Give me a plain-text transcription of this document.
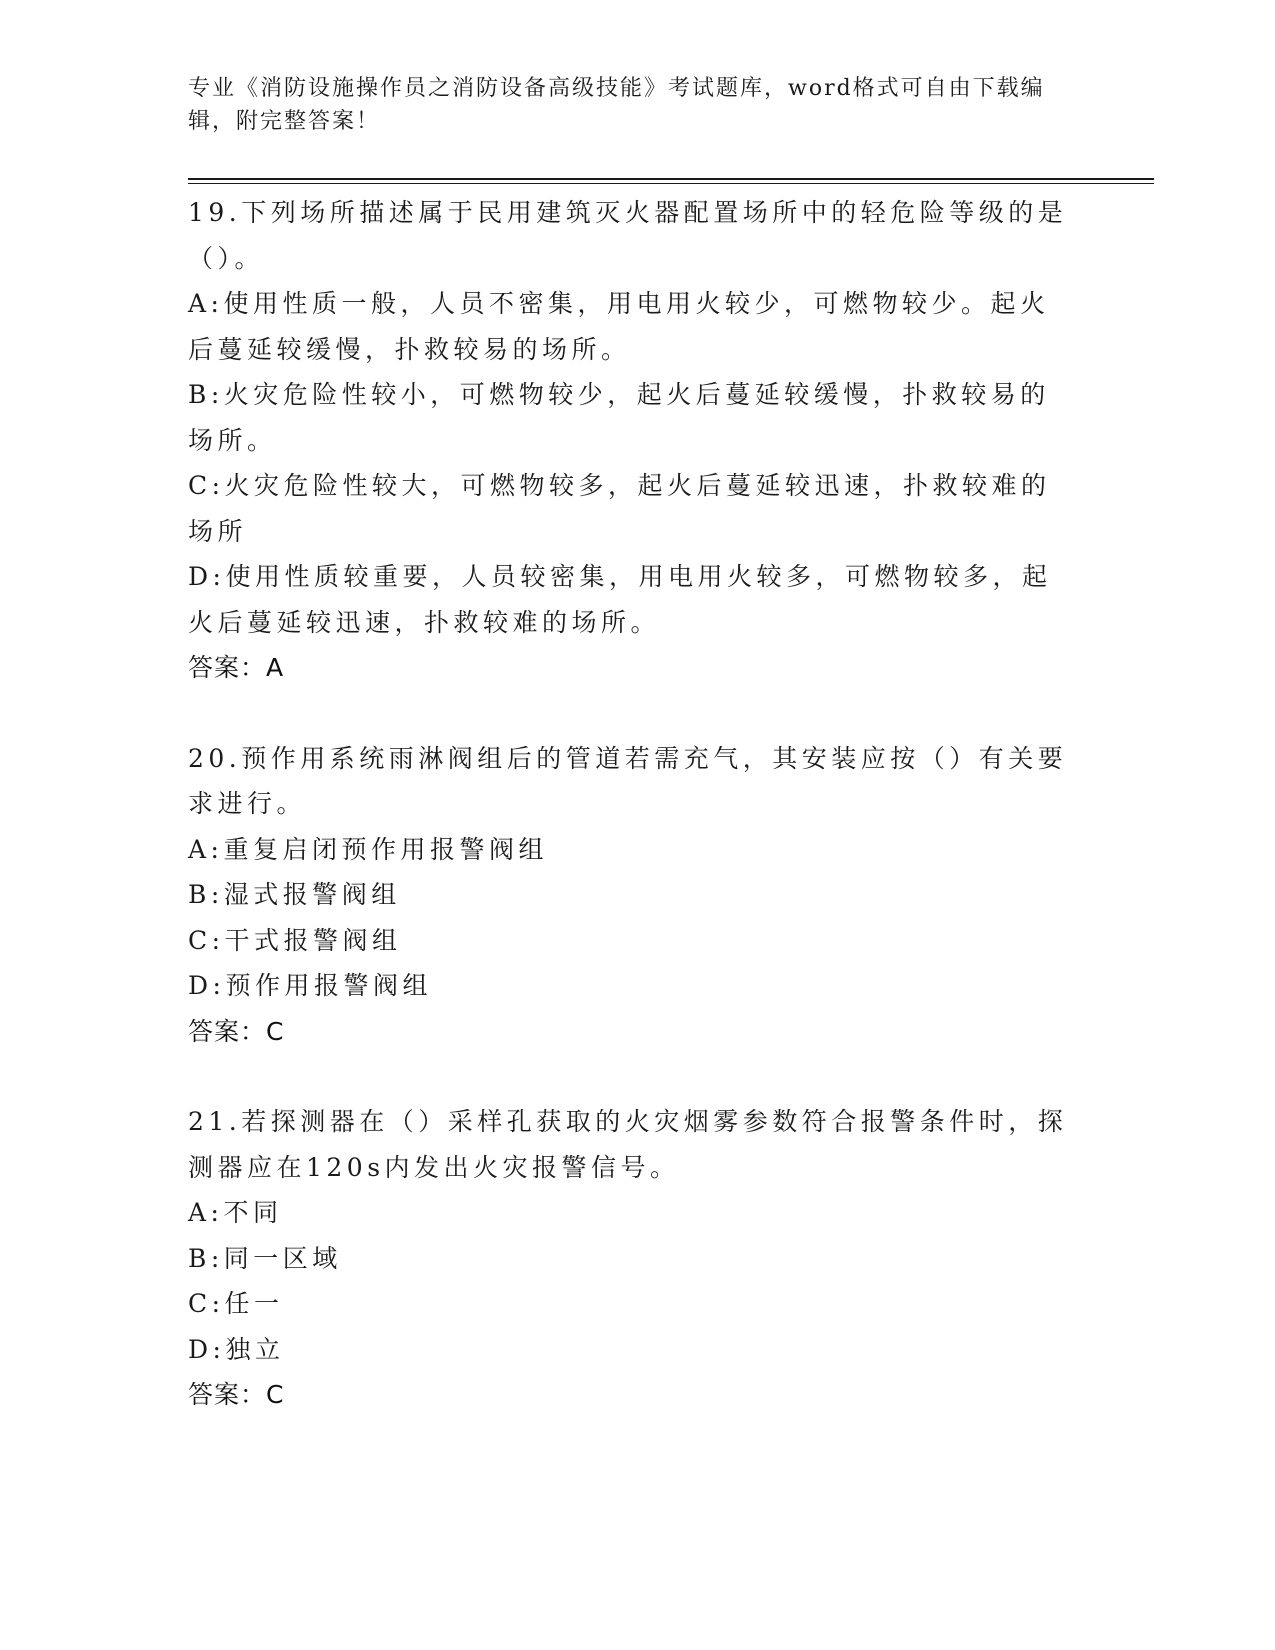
专业《消防设施操作员之消防设备高级技能》考试题库，word格式可自由下载编辑，附完整答案！
19.下列场所描述属于民用建筑灭火器配置场所中的轻危险等级的是（）。
A:使用性质一般，人员不密集，用电用火较少，可燃物较少。起火后蔓延较缓慢，扑救较易的场所。
B:火灾危险性较小，可燃物较少，起火后蔓延较缓慢，扑救较易的场所。
C:火灾危险性较大，可燃物较多，起火后蔓延较迅速，扑救较难的场所
D:使用性质较重要，人员较密集，用电用火较多，可燃物较多，起火后蔓延较迅速，扑救较难的场所。
答案：A
20.预作用系统雨淋阀组后的管道若需充气，其安装应按（）有关要求进行。
A:重复启闭预作用报警阀组
B:湿式报警阀组
C:干式报警阀组
D:预作用报警阀组
答案：C
21.若探测器在（）采样孔获取的火灾烟雾参数符合报警条件时，探测器应在120s内发出火灾报警信号。
A:不同
B:同一区域
C:任一
D:独立
答案：C
